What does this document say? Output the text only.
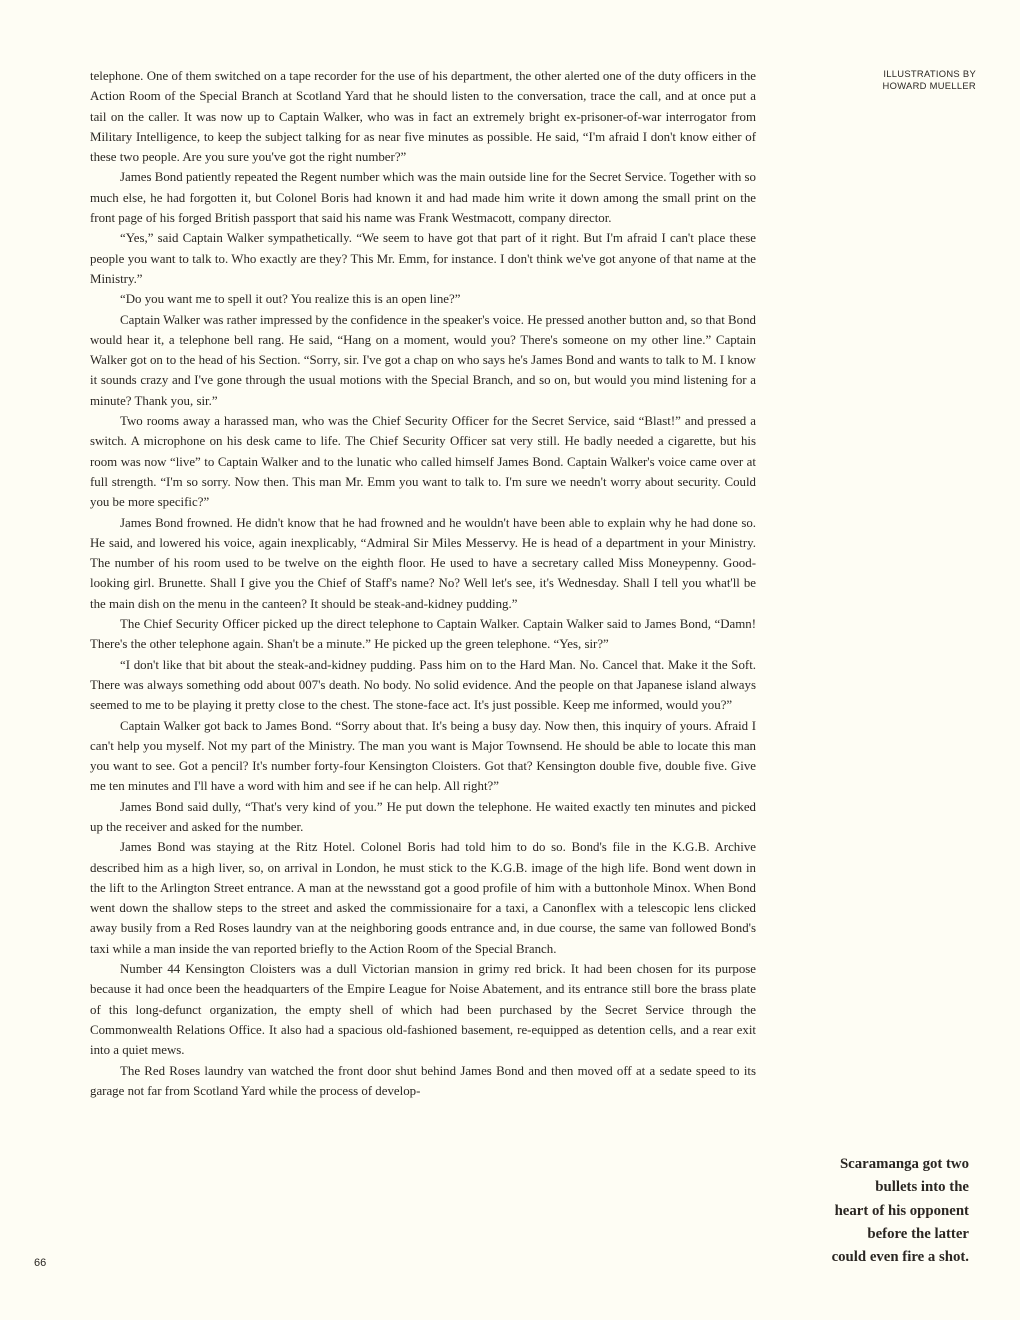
ILLUSTRATIONS BY
HOWARD MUELLER

telephone. One of them switched on a tape recorder for the use of his department, the other alerted one of the duty officers in the Action Room of the Special Branch at Scotland Yard that he should listen to the conversation, trace the call, and at once put a tail on the caller. It was now up to Captain Walker, who was in fact an extremely bright ex-prisoner-of-war interrogator from Military Intelligence, to keep the subject talking for as near five minutes as possible. He said, “I'm afraid I don't know either of these two people. Are you sure you've got the right number?”

James Bond patiently repeated the Regent number which was the main outside line for the Secret Service. Together with so much else, he had forgotten it, but Colonel Boris had known it and had made him write it down among the small print on the front page of his forged British passport that said his name was Frank Westmacott, company director.

“Yes,” said Captain Walker sympathetically. “We seem to have got that part of it right. But I'm afraid I can't place these people you want to talk to. Who exactly are they? This Mr. Emm, for instance. I don't think we've got anyone of that name at the Ministry.”

“Do you want me to spell it out? You realize this is an open line?”

Captain Walker was rather impressed by the confidence in the speaker's voice. He pressed another button and, so that Bond would hear it, a telephone bell rang. He said, “Hang on a moment, would you? There's someone on my other line.” Captain Walker got on to the head of his Section. “Sorry, sir. I've got a chap on who says he's James Bond and wants to talk to M. I know it sounds crazy and I've gone through the usual motions with the Special Branch, and so on, but would you mind listening for a minute? Thank you, sir.”

Two rooms away a harassed man, who was the Chief Security Officer for the Secret Service, said “Blast!” and pressed a switch. A microphone on his desk came to life. The Chief Security Officer sat very still. He badly needed a cigarette, but his room was now “live” to Captain Walker and to the lunatic who called himself James Bond. Captain Walker's voice came over at full strength. “I'm so sorry. Now then. This man Mr. Emm you want to talk to. I'm sure we needn't worry about security. Could you be more specific?”

James Bond frowned. He didn't know that he had frowned and he wouldn't have been able to explain why he had done so. He said, and lowered his voice, again inexplicably, “Admiral Sir Miles Messervy. He is head of a department in your Ministry. The number of his room used to be twelve on the eighth floor. He used to have a secretary called Miss Moneypenny. Good-looking girl. Brunette. Shall I give you the Chief of Staff's name? No? Well let's see, it's Wednesday. Shall I tell you what'll be the main dish on the menu in the canteen? It should be steak-and-kidney pudding.”

The Chief Security Officer picked up the direct telephone to Captain Walker. Captain Walker said to James Bond, “Damn! There's the other telephone again. Shan't be a minute.” He picked up the green telephone. “Yes, sir?”

“I don't like that bit about the steak-and-kidney pudding. Pass him on to the Hard Man. No. Cancel that. Make it the Soft. There was always something odd about 007's death. No body. No solid evidence. And the people on that Japanese island always seemed to me to be playing it pretty close to the chest. The stone-face act. It's just possible. Keep me informed, would you?”

Captain Walker got back to James Bond. “Sorry about that. It's being a busy day. Now then, this inquiry of yours. Afraid I can't help you myself. Not my part of the Ministry. The man you want is Major Townsend. He should be able to locate this man you want to see. Got a pencil? It's number forty-four Kensington Cloisters. Got that? Kensington double five, double five. Give me ten minutes and I'll have a word with him and see if he can help. All right?”

James Bond said dully, “That's very kind of you.” He put down the telephone. He waited exactly ten minutes and picked up the receiver and asked for the number.

James Bond was staying at the Ritz Hotel. Colonel Boris had told him to do so. Bond's file in the K.G.B. Archive described him as a high liver, so, on arrival in London, he must stick to the K.G.B. image of the high life. Bond went down in the lift to the Arlington Street entrance. A man at the newsstand got a good profile of him with a buttonhole Minox. When Bond went down the shallow steps to the street and asked the commissionaire for a taxi, a Canonflex with a telescopic lens clicked away busily from a Red Roses laundry van at the neighboring goods entrance and, in due course, the same van followed Bond's taxi while a man inside the van reported briefly to the Action Room of the Special Branch.

Number 44 Kensington Cloisters was a dull Victorian mansion in grimy red brick. It had been chosen for its purpose because it had once been the headquarters of the Empire League for Noise Abatement, and its entrance still bore the brass plate of this long-defunct organization, the empty shell of which had been purchased by the Secret Service through the Commonwealth Relations Office. It also had a spacious old-fashioned basement, re-equipped as detention cells, and a rear exit into a quiet mews.

The Red Roses laundry van watched the front door shut behind James Bond and then moved off at a sedate speed to its garage not far from Scotland Yard while the process of develop-

Scaramanga got two
bullets into the
heart of his opponent
before the latter
could even fire a shot.
66
